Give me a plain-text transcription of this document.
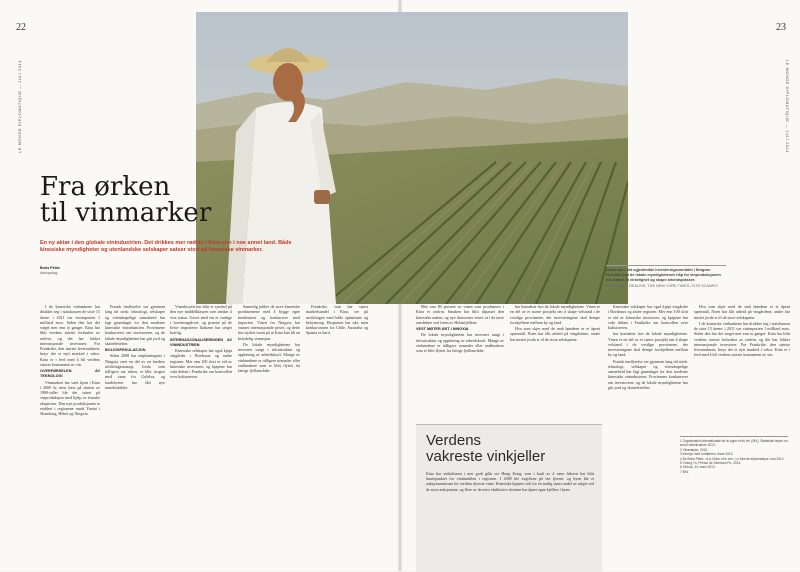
22	23
LE MONDE DIPLOMATIQUE — JULI 2014	LE MONDE DIPLOMATIQUE — JULI 2014
Fra ørken
til vinmarker
En ny aktør i den globale vinindustrien. Det drikkes mer rødvin i Kina enn i noe annet land. Både kinesiske myndigheter og utenlandske selskaper satser stort på kinesiske vinmarker.
Boris Pétric
Antropolog
Vinbonde i det ugjestmilde Investeringsområdet i Ningxia: Hvordan kan de lokale myndighetenes håp for vinproduksjonen nå vendes til virkelighet og skape arbeidsplasser.
FOTO: ALEX HEALISH, THE NEW YORK TIMES / NTB SCANPIX

I de kinesiske vinbankene har drukket seg i statskassen de siste 15 årene: i 2011 var vinimporten 1 milliard euro. Siden den har det steget mer enn to ganger. Kina har blitt verdens største forbruker av rødvin, og det har lokket internasjonale investorer. For Frankrike, den største leverandøren, betyr det et nytt marked i vekst. Kina er i ferd med å bli verdens største konsument av vin.

OVERFØRSELEN AV TEKNOLOGI

Vinmarken har vært kjent i Kina i 2000 år, men først på slutten av 1980-tallet ble det satset på vinproduksjon med hjelp av franske ekspertise. Den nye produksjonen er etablert i regionene rundt Yantai i Shandong, Hebei og Ningxia.

Fransk innflytelse var gjennom lang tid sterk: teknologi, selskaper og vitenskapelige samarbeid har lagt grunnlaget for den moderne kinesiske vinindustrien. Provinsene konkurrerer om investorene, og de lokale myndighetene har gitt jord og skattelettelser.

BOLIGSPEKULASJON

Siden 2008 har vinplantingene i Ningxia vært en del av en bredere utviklingsstrategi. Jorda som tidligere var ørken, er blitt irrigert med vann fra Gulelva, og landsbyene har fått nye inntektskilder.

Vinsektoren har blitt et symbol på den nye middelklassen som ønsker å vise status. Gaver med vin er vanlige i forretningslivet, og prisene på de beste importerte flaskene har steget kraftig.

INTERNASJONALISERINGEN AV VININDUSTRIEN

Kinesiske selskaper har også kjøpt vingårder i Bordeaux og andre regioner. Mer enn 100 slott er eid av kinesiske investorer, og kjøpene har vakt debatt i Frankrike om kontrollen over kulturarven.

Samtidig jobber de store kinesiske produsentene med å bygge egne merkenavn og konkurrere med importen. Vinen fra Ningxia har vunnet internasjonale priser, og dette har styrket troen på at Kina kan bli en betydelig vinnasjon.

De lokale myndighetene har investert tungt i infrastruktur og opplæring av arbeidskraft. Mange av vinbøndene er tidligere nomader eller småbrukere som er blitt flyttet fra fattige fjellområder.

Frankrike, som har størst markedsandel i Kina, ser på utviklingen med både optimisme og bekymring. Eksporten har økt, men konkurransen fra Chile, Australia og Spania er hard.

Mer enn 80 prosent av vinen som produseres i Kina er rødvin. Smaken har blitt tilpasset den kinesiske maten, og nye druesorter testes ut i de tørre områdene ved foten av Helanfjellene.

VEST MØTER ØST I NINGXIA

De lokale myndighetene har investert tungt i infrastruktur og opplæring av arbeidskraft. Mange av vinbøndene er tidligere nomader eller småbrukere som er blitt flyttet fra fattige fjellområder.

har kontakter hos de lokale myndighetene. Vinen er en del av et større prosjekt om å skape velstand i de vestlige provinsene, der investeringene skal dempe forskjellene mellom by og land.

Hva som skjer med de små bøndene er et åpent spørsmål. Noen har fått arbeid på vingårdene, andre har mistet jorda si til de store selskapene.

Kinesiske selskaper har også kjøpt vingårder i Bordeaux og andre regioner. Mer enn 100 slott er eid av kinesiske investorer, og kjøpene har vakt debatt i Frankrike om kontrollen over kulturarven.

har kontakter hos de lokale myndighetene. Vinen er en del av et større prosjekt om å skape velstand i de vestlige provinsene, der investeringene skal dempe forskjellene mellom by og land.

Fransk innflytelse var gjennom lang tid sterk: teknologi, selskaper og vitenskapelige samarbeid har lagt grunnlaget for den moderne kinesiske vinindustrien. Provinsene konkurrerer om investorene, og de lokale myndighetene har gitt jord og skattelettelser.

Hva som skjer med de små bøndene er et åpent spørsmål. Noen har fått arbeid på vingårdene, andre har mistet jorda si til de store selskapene.

I de kinesiske vinbankene har drukket seg i statskassen de siste 15 årene: i 2011 var vinimporten 1 milliard euro. Siden den har det steget mer enn to ganger. Kina har blitt verdens største forbruker av rødvin, og det har lokket internasjonale investorer. For Frankrike, den største leverandøren, betyr det et nytt marked i vekst. Kina er i ferd med å bli verdens største konsument av vin.

Verdens
vakreste vinkjeller
Kina har vinkulturen i mer godt gikk via Hong Kong, som i kraft av å være frihavn har blitt knutepunktet for vinhandelen i regionen. I 2008 ble avgiftene på vin fjernet, og byen ble et auksjonssentrum for verdens dyreste viner. Kinesiske kjøpere står for en stadig større andel av salget ved de store auksjonene, og flere av de mest eksklusive slottene har åpnet egne kjellere i byen.
1 Organisation internationale de la vigne et du vin (OIV), Statistical report on world vitiviniculture 2013.
2 Vinanalyse, 2013.
3 Intervju med forfatteren, mars 2013.
4 Se Boris Pétric, «La Chine et le vin», Le Monde diplomatique, mai 2012.
5 Cheng Yu, Presse de Sciences Po, 2013.
6 Xinhua, 14. mars 2013.
7 Ibid.
